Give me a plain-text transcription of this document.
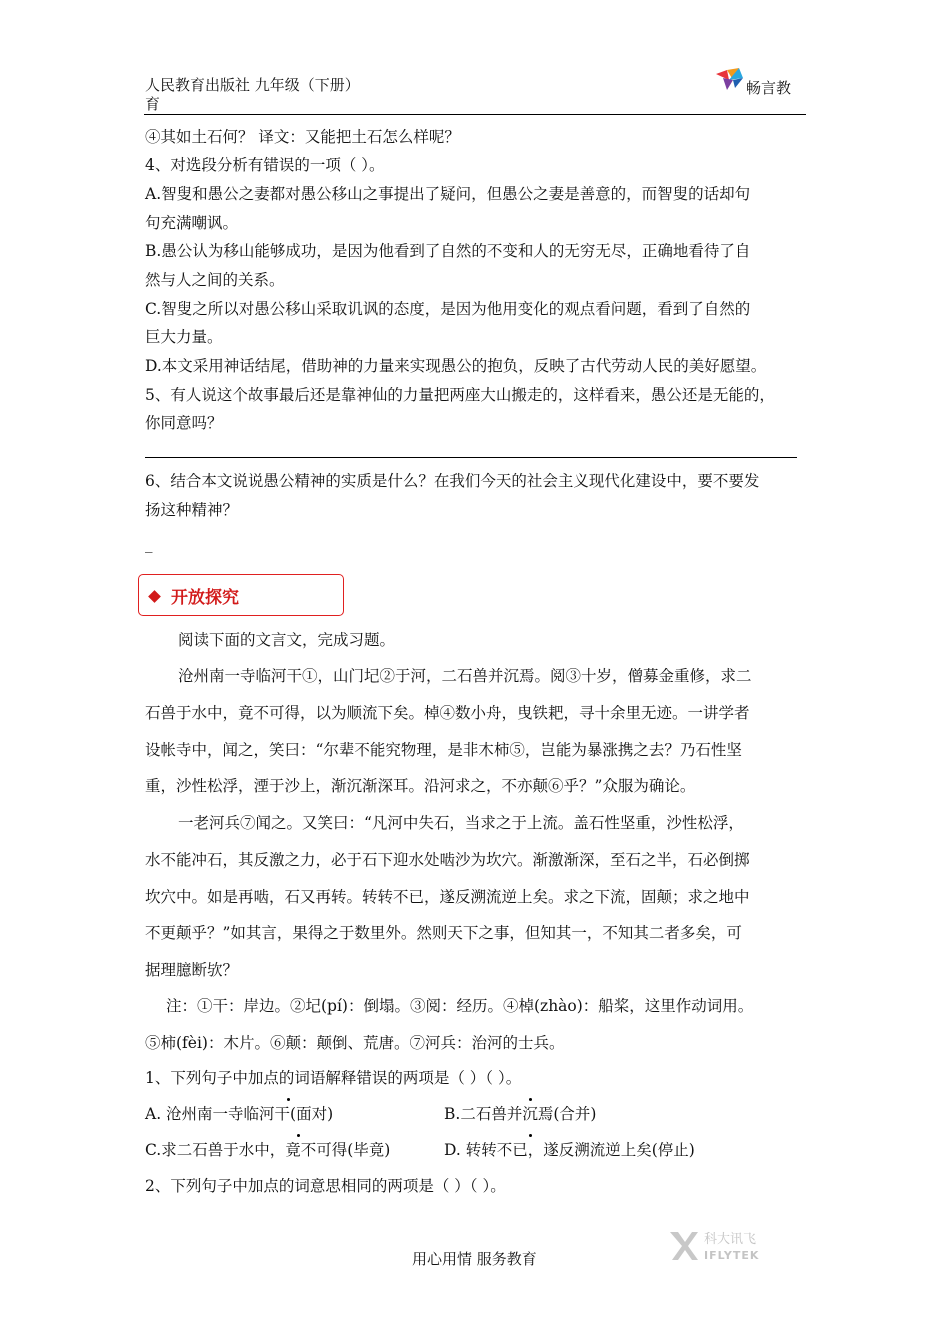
人民教育出版社 九年级（下册）
育
畅言教
④其如土石何？ 译文：又能把土石怎么样呢？
4、对选段分析有错误的一项（ ）。
A.智叟和愚公之妻都对愚公移山之事提出了疑问，但愚公之妻是善意的，而智叟的话却句
句充满嘲讽。
B.愚公认为移山能够成功，是因为他看到了自然的不变和人的无穷无尽，正确地看待了自
然与人之间的关系。
C.智叟之所以对愚公移山采取讥讽的态度，是因为他用变化的观点看问题，看到了自然的
巨大力量。
D.本文采用神话结尾，借助神的力量来实现愚公的抱负，反映了古代劳动人民的美好愿望。
5、有人说这个故事最后还是靠神仙的力量把两座大山搬走的，这样看来，愚公还是无能的，
你同意吗？
6、结合本文说说愚公精神的实质是什么？在我们今天的社会主义现代化建设中，要不要发
扬这种精神？
_
开放探究
阅读下面的文言文，完成习题。
沧州南一寺临河干①，山门圮②于河，二石兽并沉焉。阅③十岁，僧募金重修，求二
石兽于水中，竟不可得，以为顺流下矣。棹④数小舟，曳铁耙，寻十余里无迹。一讲学者
设帐寺中，闻之，笑曰：“尔辈不能究物理，是非木柿⑤，岂能为暴涨携之去？乃石性坚
重，沙性松浮，湮于沙上，渐沉渐深耳。沿河求之，不亦颠⑥乎？”众服为确论。
一老河兵⑦闻之。又笑曰：“凡河中失石，当求之于上流。盖石性坚重，沙性松浮，
水不能冲石，其反激之力，必于石下迎水处啮沙为坎穴。渐激渐深，至石之半，石必倒掷
坎穴中。如是再啮，石又再转。转转不已，遂反溯流逆上矣。求之下流，固颠；求之地中
不更颠乎？”如其言，果得之于数里外。然则天下之事，但知其一，不知其二者多矣，可
据理臆断欤？
注：①干：岸边。②圮(pí)：倒塌。③阅：经历。④棹(zhào)：船桨，这里作动词用。
⑤柿(fèi)：木片。⑥颠：颠倒、荒唐。⑦河兵：治河的士兵。
1、下列句子中加点的词语解释错误的两项是（ ）（ ）。
A. 沧州南一寺临河干(面对)	B.二石兽并沉焉(合并)
C.求二石兽于水中，竟不可得(毕竟)	D. 转转不已，遂反溯流逆上矣(停止)
2、下列句子中加点的词意思相同的两项是（ ）（ ）。
用心用情 服务教育
科大讯飞
IFLYTEK
